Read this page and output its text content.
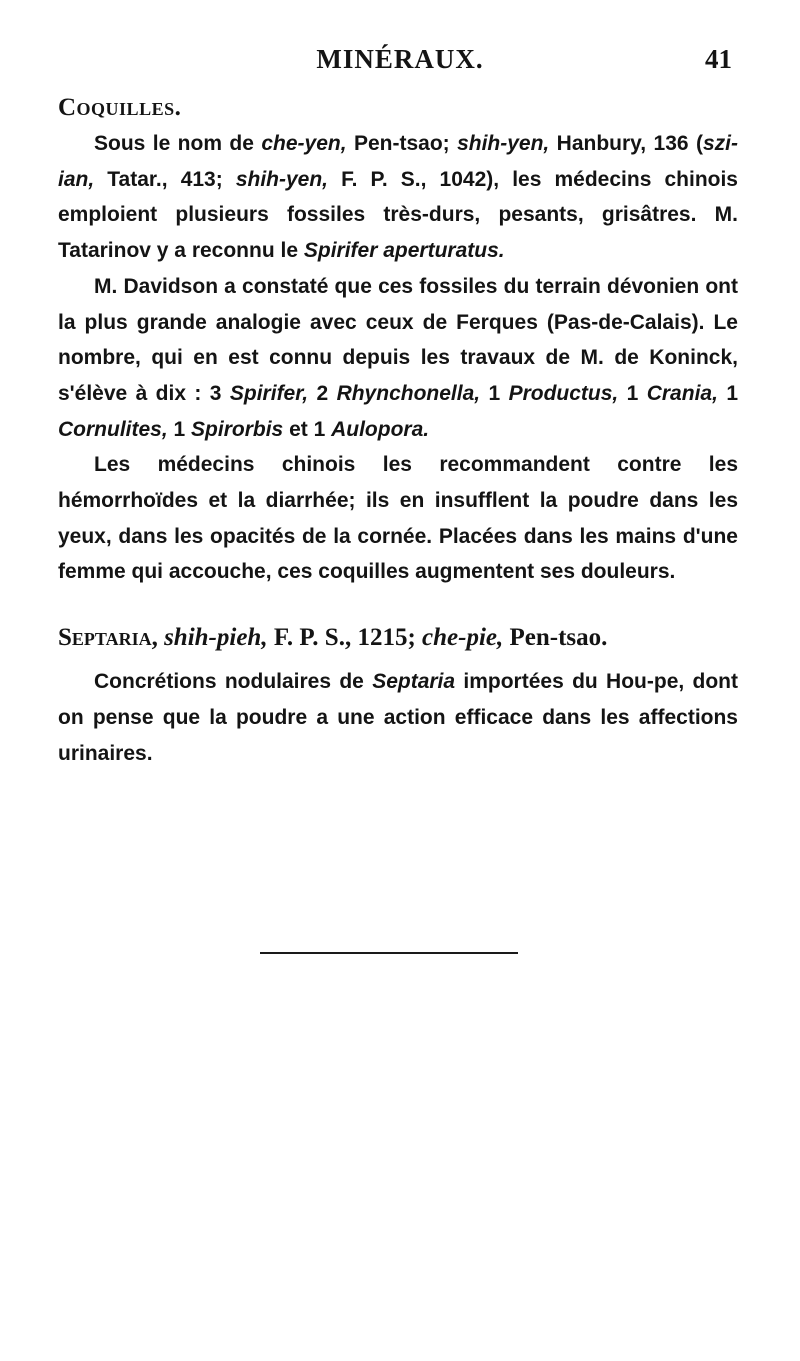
MINÉRAUX.	41
Coquilles.

Sous le nom de che-yen, Pen-tsao; shih-yen, Hanbury, 136 (szi-ian, Tatar., 413; shih-yen, F. P. S., 1042), les médecins chinois emploient plusieurs fossiles très-durs, pesants, grisâtres. M. Tatarinov y a reconnu le Spirifer aperturatus.

M. Davidson a constaté que ces fossiles du terrain dévonien ont la plus grande analogie avec ceux de Ferques (Pas-de-Calais). Le nombre, qui en est connu depuis les travaux de M. de Koninck, s'élève à dix : 3 Spirifer, 2 Rhynchonella, 1 Productus, 1 Crania, 1 Cornulites, 1 Spirorbis et 1 Aulopora.

Les médecins chinois les recommandent contre les hémorrhoïdes et la diarrhée; ils en insufflent la poudre dans les yeux, dans les opacités de la cornée. Placées dans les mains d'une femme qui accouche, ces coquilles augmentent ses douleurs.

Septaria, shih-pieh, F. P. S., 1215; che-pie, Pen-tsao.

Concrétions nodulaires de Septaria importées du Hou-pe, dont on pense que la poudre a une action efficace dans les affections urinaires.
